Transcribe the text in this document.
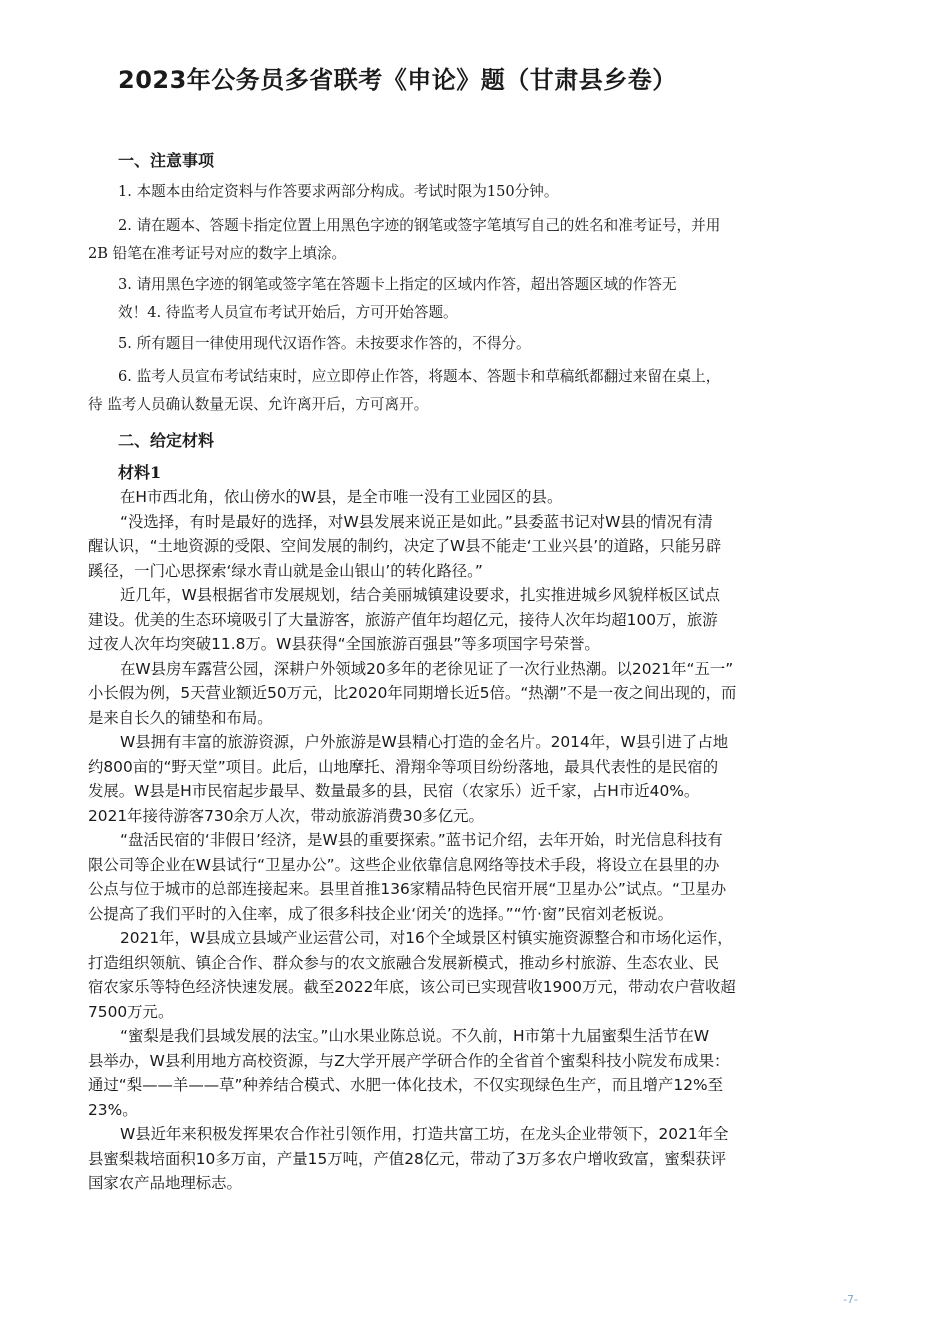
2023年公务员多省联考《申论》题（甘肃县乡卷）
一、注意事项
1. 本题本由给定资料与作答要求两部分构成。考试时限为150分钟。
2. 请在题本、答题卡指定位置上用黑色字迹的钢笔或签字笔填写自己的姓名和准考证号，并用
2B 铅笔在准考证号对应的数字上填涂。
3. 请用黑色字迹的钢笔或签字笔在答题卡上指定的区域内作答，超出答题区域的作答无
效！4. 待监考人员宣布考试开始后，方可开始答题。
5. 所有题目一律使用现代汉语作答。未按要求作答的，不得分。
6. 监考人员宣布考试结束时，应立即停止作答，将题本、答题卡和草稿纸都翻过来留在桌上，
待 监考人员确认数量无误、允许离开后，方可离开。
二、给定材料
材料1
在H市西北角，依山傍水的W县，是全市唯一没有工业园区的县。
“没选择，有时是最好的选择，对W县发展来说正是如此。”县委蓝书记对W县的情况有清
醒认识，“土地资源的受限、空间发展的制约，决定了W县不能走‘工业兴县’的道路，只能另辟
蹊径，一门心思探索‘绿水青山就是金山银山’的转化路径。”
近几年，W县根据省市发展规划，结合美丽城镇建设要求，扎实推进城乡风貌样板区试点
建设。优美的生态环境吸引了大量游客，旅游产值年均超亿元，接待人次年均超100万，旅游
过夜人次年均突破11.8万。W县获得“全国旅游百强县”等多项国字号荣誉。
在W县房车露营公园，深耕户外领域20多年的老徐见证了一次行业热潮。以2021年“五一”
小长假为例，5天营业额近50万元，比2020年同期增长近5倍。“热潮”不是一夜之间出现的，而
是来自长久的铺垫和布局。
W县拥有丰富的旅游资源，户外旅游是W县精心打造的金名片。2014年，W县引进了占地
约800亩的“野天堂”项目。此后，山地摩托、滑翔伞等项目纷纷落地，最具代表性的是民宿的
发展。W县是H市民宿起步最早、数量最多的县，民宿（农家乐）近千家，占H市近40%。
2021年接待游客730余万人次，带动旅游消费30多亿元。
“盘活民宿的‘非假日’经济，是W县的重要探索。”蓝书记介绍，去年开始，时光信息科技有
限公司等企业在W县试行“卫星办公”。这些企业依靠信息网络等技术手段，将设立在县里的办
公点与位于城市的总部连接起来。县里首推136家精品特色民宿开展“卫星办公”试点。“卫星办
公提高了我们平时的入住率，成了很多科技企业‘闭关’的选择。”“竹·窗”民宿刘老板说。
2021年，W县成立县域产业运营公司，对16个全域景区村镇实施资源整合和市场化运作，
打造组织领航、镇企合作、群众参与的农文旅融合发展新模式，推动乡村旅游、生态农业、民
宿农家乐等特色经济快速发展。截至2022年底，该公司已实现营收1900万元，带动农户营收超
7500万元。
“蜜梨是我们县域发展的法宝。”山水果业陈总说。不久前，H市第十九届蜜梨生活节在W
县举办，W县利用地方高校资源，与Z大学开展产学研合作的全省首个蜜梨科技小院发布成果：
通过“梨——羊——草”种养结合模式、水肥一体化技术，不仅实现绿色生产，而且增产12%至
23%。
W县近年来积极发挥果农合作社引领作用，打造共富工坊，在龙头企业带领下，2021年全
县蜜梨栽培面积10多万亩，产量15万吨，产值28亿元，带动了3万多农户增收致富，蜜梨获评
国家农产品地理标志。
-7-
